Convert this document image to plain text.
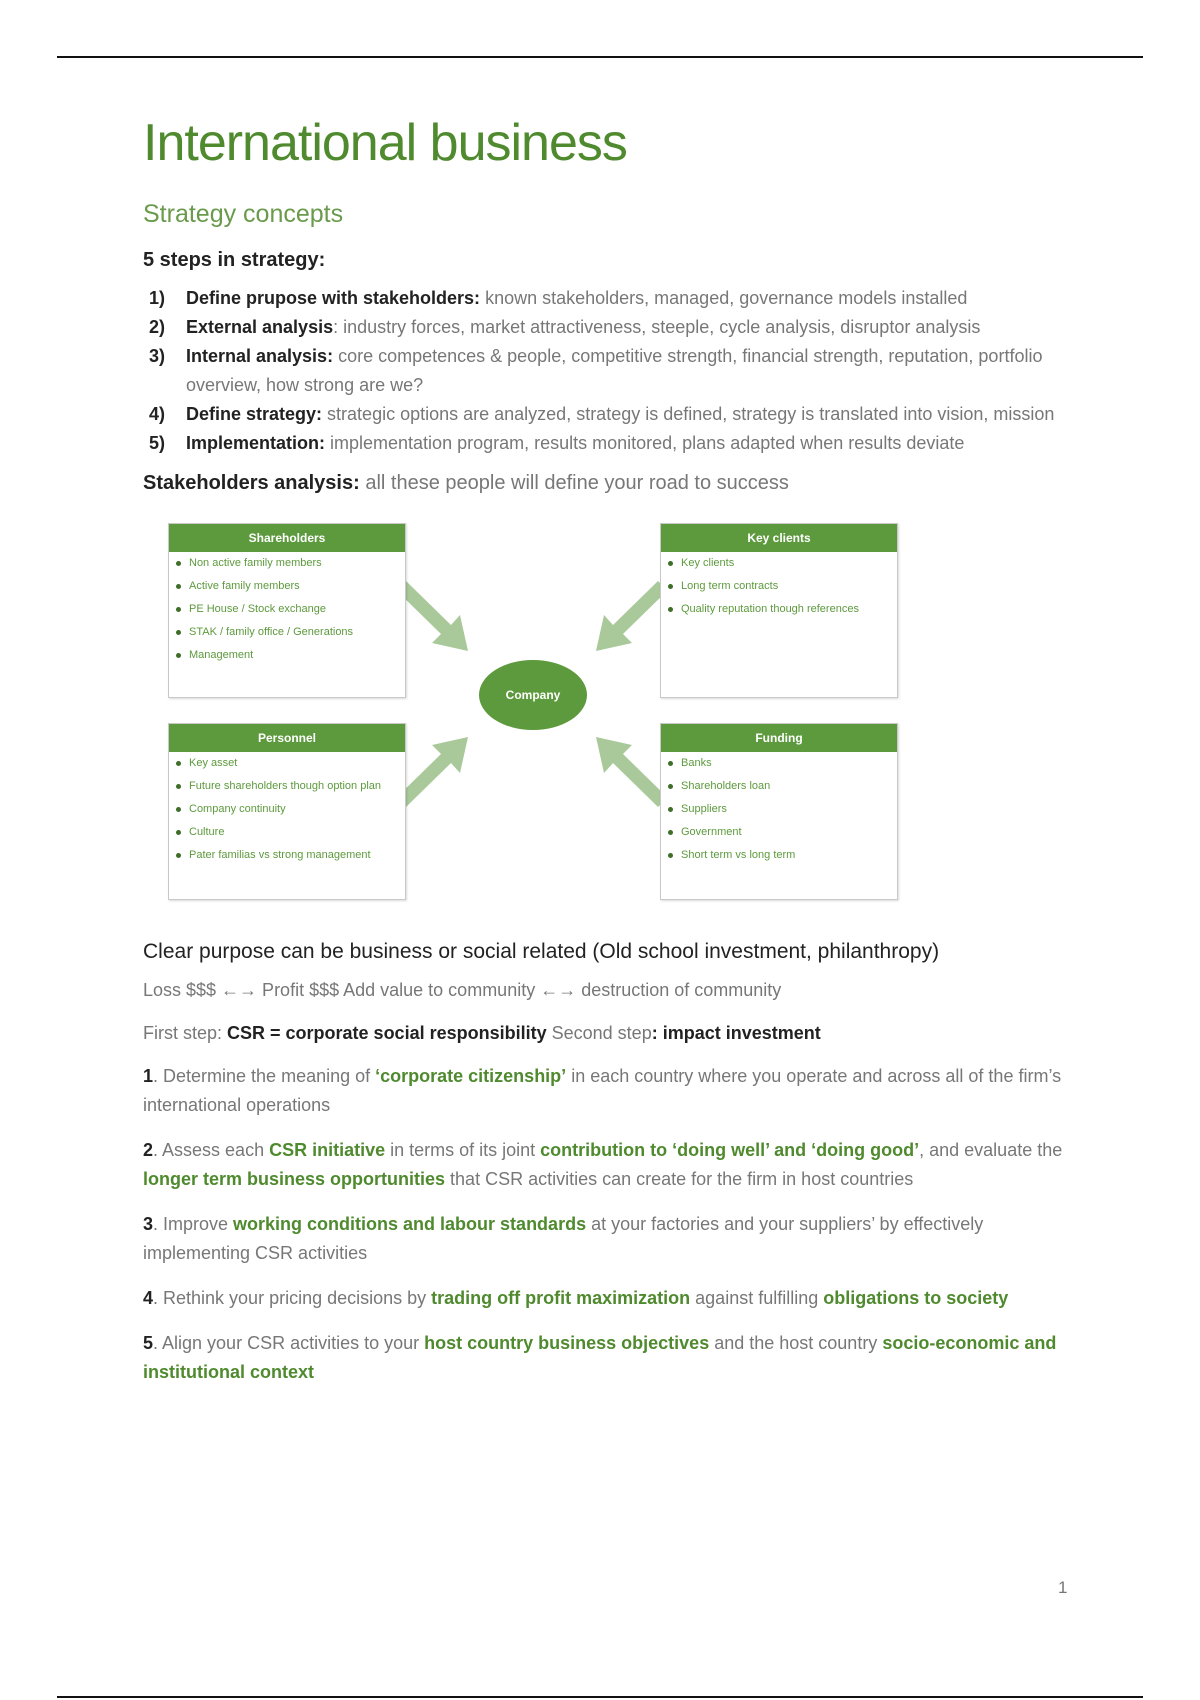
International business
Strategy concepts
5 steps in strategy:
1) Define prupose with stakeholders: known stakeholders, managed, governance models installed
2) External analysis: industry forces, market attractiveness, steeple, cycle analysis, disruptor analysis
3) Internal analysis: core competences & people, competitive strength, financial strength, reputation, portfolio overview, how strong are we?
4) Define strategy: strategic options are analyzed, strategy is defined, strategy is translated into vision, mission
5) Implementation: implementation program, results monitored, plans adapted when results deviate
Stakeholders analysis: all these people will define your road to success
Shareholders
Non active family members
Active family members
PE House / Stock exchange
STAK / family office / Generations
Management
Key clients
Key clients
Long term contracts
Quality reputation though references
Personnel
Key asset
Future shareholders though option plan
Company continuity
Culture
Pater familias vs strong management
Funding
Banks
Shareholders loan
Suppliers
Government
Short term vs long term
Company
Clear purpose can be business or social related (Old school investment, philanthropy)

Loss $$$ ←→ Profit $$$ Add value to community ←→ destruction of community

First step: CSR = corporate social responsibility Second step: impact investment

1. Determine the meaning of ‘corporate citizenship’ in each country where you operate and across all of the firm’s international operations

2. Assess each CSR initiative in terms of its joint contribution to ‘doing well’ and ‘doing good’, and evaluate the longer term business opportunities that CSR activities can create for the firm in host countries

3. Improve working conditions and labour standards at your factories and your suppliers’ by effectively implementing CSR activities

4. Rethink your pricing decisions by trading off profit maximization against fulfilling obligations to society

5. Align your CSR activities to your host country business objectives and the host country socio-economic and institutional context

1
